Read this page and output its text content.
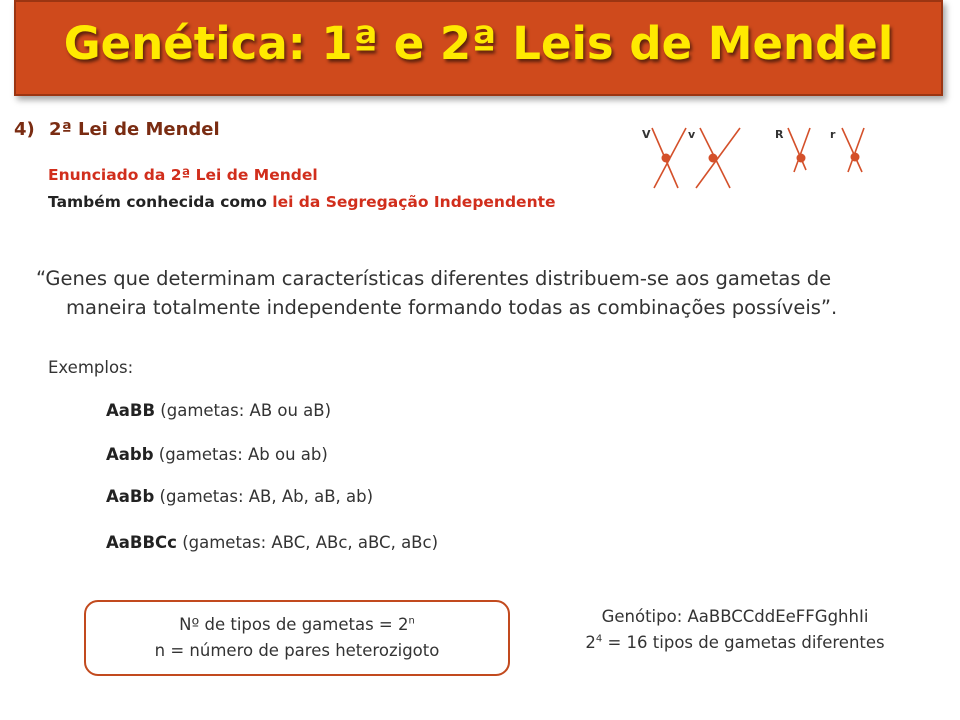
Genética: 1ª e 2ª Leis de Mendel
4) 2ª Lei de Mendel
Enunciado da 2ª Lei de Mendel
Também conhecida como lei da Segregação Independente
V	v	R	r
“Genes que determinam características diferentes distribuem-se aos gametas de
maneira totalmente independente formando todas as combinações possíveis”.
Exemplos:
AaBB (gametas: AB ou aB)
Aabb (gametas: Ab ou ab)
AaBb (gametas: AB, Ab, aB, ab)
AaBBCc (gametas: ABC, ABc, aBC, aBc)
Nº de tipos de gametas = $2^n$
n = número de pares heterozigoto
Genótipo: AaBBCCddEeFFGghhIi
$2^4 = 16$ tipos de gametas diferentes
